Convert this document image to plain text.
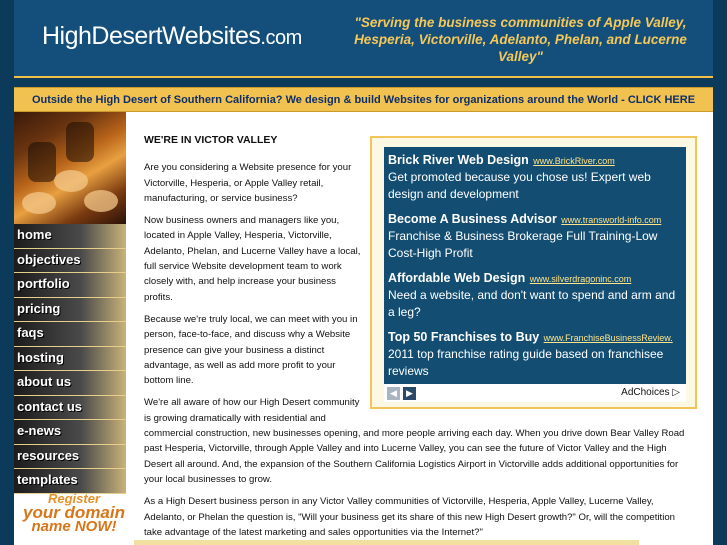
HighDesertWebsites.com
"Serving the business communities of Apple Valley, Hesperia, Victorville, Adelanto, Phelan, and Lucerne Valley"
Outside the High Desert of Southern California? We design & build Websites for organizations around the World - CLICK HERE
home
objectives
portfolio
pricing
faqs
hosting
about us
contact us
e-news
resources
templates
Register
your domain
name NOW!
WE'RE IN VICTOR VALLEY

Are you considering a Website presence for your Victorville, Hesperia, or Apple Valley retail, manufacturing, or service business?

Now business owners and managers like you, located in Apple Valley, Hesperia, Victorville, Adelanto, Phelan, and Lucerne Valley have a local, full service Website development team to work closely with, and help increase your business profits.

Because we're truly local, we can meet with you in person, face-to-face, and discuss why a Website presence can give your business a distinct advantage, as well as add more profit to your bottom line.

We're all aware of how our High Desert community is growing dramatically with residential and
commercial construction, new businesses opening, and more people arriving each day. When you drive down Bear Valley Road past Hesperia, Victorville, through Apple Valley and into Lucerne Valley, you can see the future of Victor Valley and the High Desert all around. And, the expansion of the Southern California Logistics Airport in Victorville adds additional opportunities for your local businesses to grow.

As a High Desert business person in any Victor Valley communities of Victorville, Hesperia, Apple Valley, Lucerne Valley, Adelanto, or Phelan the question is, "Will your business get its share of this new High Desert growth?" Or, will the competition take advantage of the latest marketing and sales opportunities via the Internet?"

Brick River Web Design www.BrickRiver.com
Get promoted because you chose us! Expert web design and development
Become A Business Advisor www.transworld-info.com
Franchise & Business Brokerage Full Training-Low Cost-High Profit
Affordable Web Design www.silverdragoninc.com
Need a website, and don't want to spend and arm and a leg?
Top 50 Franchises to Buy www.FranchiseBusinessReview.
2011 top franchise rating guide based on franchisee reviews
◀	▶	AdChoices ▷
